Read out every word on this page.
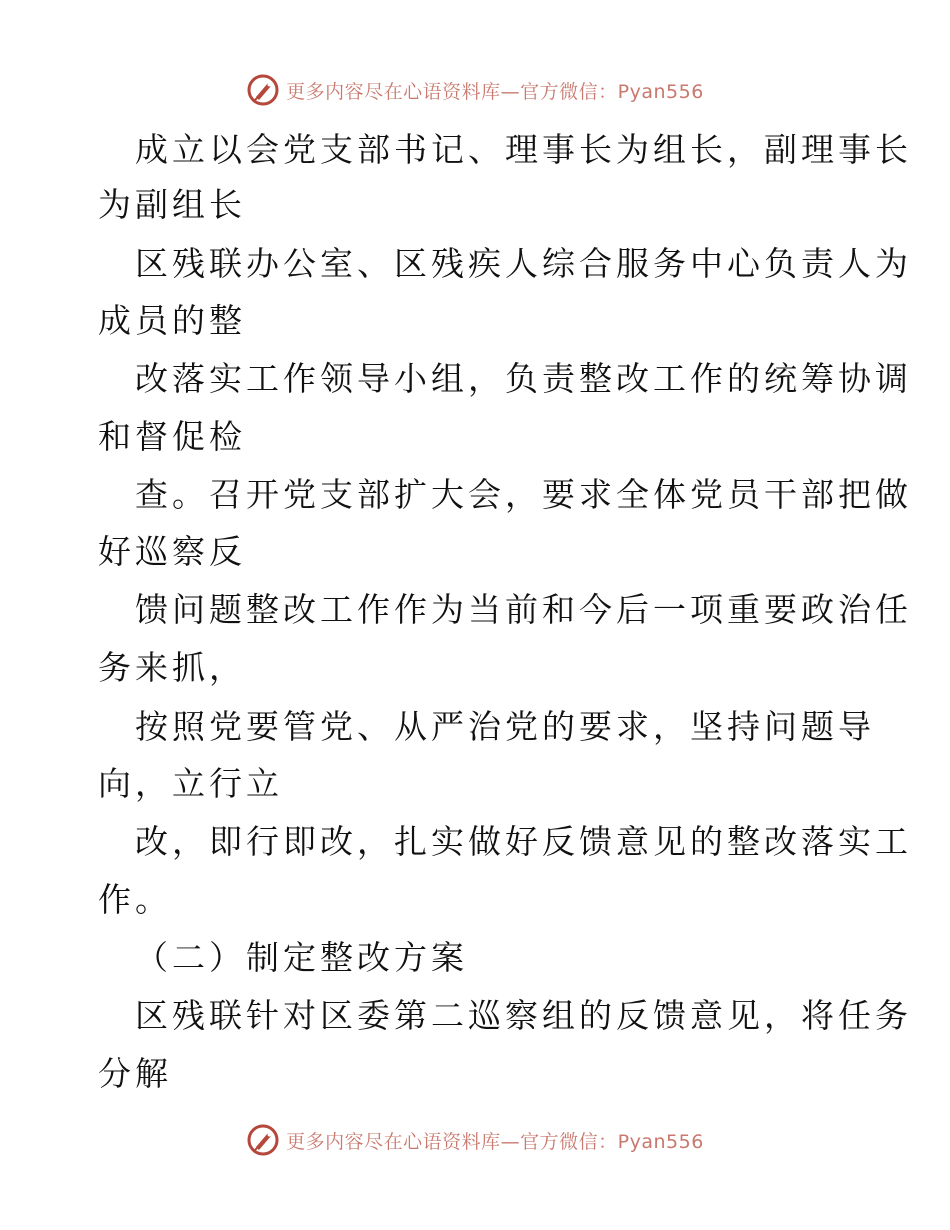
更多内容尽在心语资料库—官方微信：Pyan556
成立以会党支部书记、理事长为组长，副理事长
为副组长
区残联办公室、区残疾人综合服务中心负责人为
成员的整
改落实工作领导小组，负责整改工作的统筹协调
和督促检
查。召开党支部扩大会，要求全体党员干部把做
好巡察反
馈问题整改工作作为当前和今后一项重要政治任
务来抓，
按照党要管党、从严治党的要求，坚持问题导
向，立行立
改，即行即改，扎实做好反馈意见的整改落实工
作。
（二）制定整改方案
区残联针对区委第二巡察组的反馈意见，将任务
分解
更多内容尽在心语资料库—官方微信：Pyan556
